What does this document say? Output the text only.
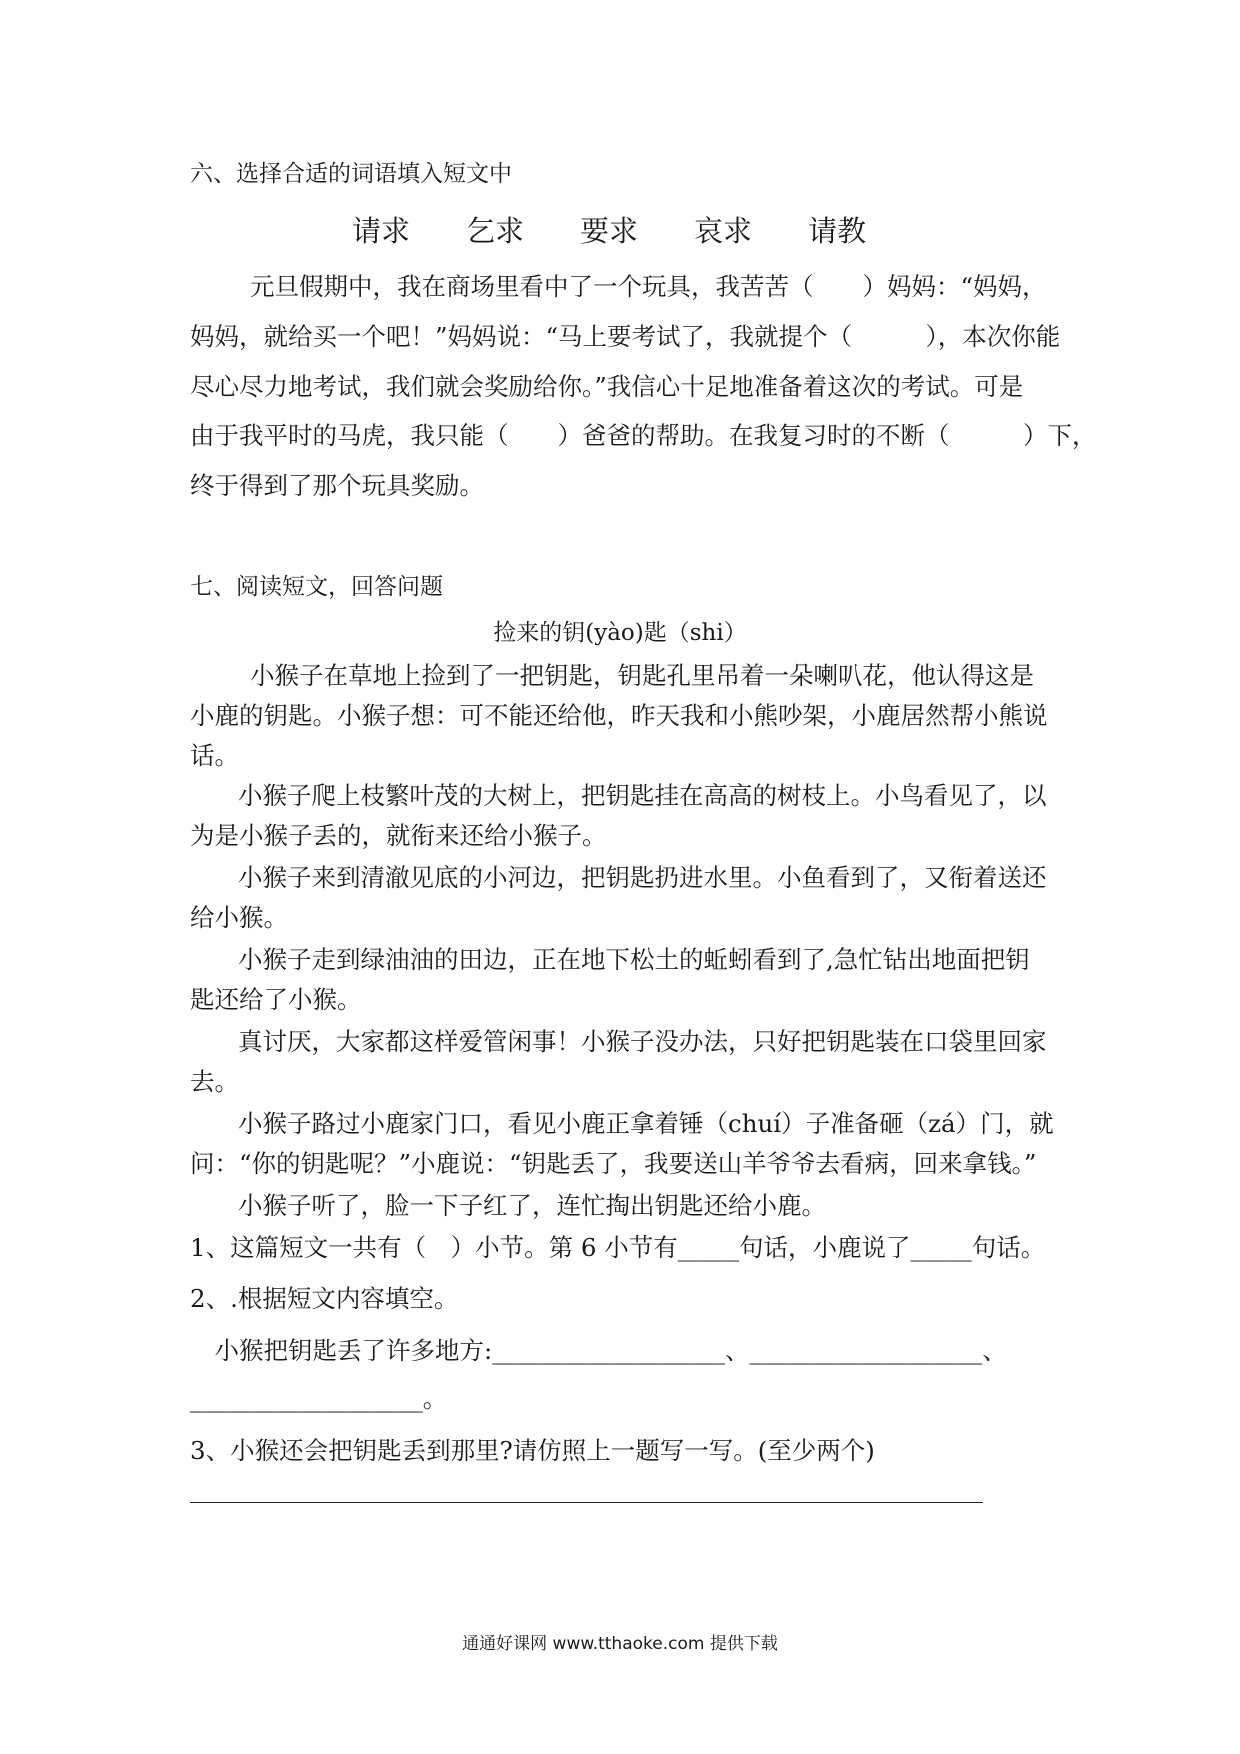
六、选择合适的词语填入短文中
请求 乞求 要求 哀求 请教

元旦假期中，我在商场里看中了一个玩具，我苦苦（　　）妈妈：“妈妈，

妈妈，就给买一个吧！”妈妈说：“马上要考试了，我就提个（　　　），本次你能

尽心尽力地考试，我们就会奖励给你。”我信心十足地准备着这次的考试。可是

由于我平时的马虎，我只能（　　）爸爸的帮助。在我复习时的不断（　　　）下，

终于得到了那个玩具奖励。

七、阅读短文，回答问题
捡来的钥(yào)匙（shi）

小猴子在草地上捡到了一把钥匙，钥匙孔里吊着一朵喇叭花，他认得这是

小鹿的钥匙。小猴子想：可不能还给他，昨天我和小熊吵架，小鹿居然帮小熊说

话。

小猴子爬上枝繁叶茂的大树上，把钥匙挂在高高的树枝上。小鸟看见了，以

为是小猴子丢的，就衔来还给小猴子。

小猴子来到清澈见底的小河边，把钥匙扔进水里。小鱼看到了，又衔着送还

给小猴。

小猴子走到绿油油的田边，正在地下松土的蚯蚓看到了,急忙钻出地面把钥

匙还给了小猴。

真讨厌，大家都这样爱管闲事！小猴子没办法，只好把钥匙装在口袋里回家

去。

小猴子路过小鹿家门口，看见小鹿正拿着锤（chuí）子准备砸（zá）门，就

问：“你的钥匙呢？”小鹿说：“钥匙丢了，我要送山羊爷爷去看病，回来拿钱。”

小猴子听了，脸一下子红了，连忙掏出钥匙还给小鹿。

1、这篇短文一共有（　）小节。第 6 小节有_____句话，小鹿说了_____句话。

2、.根据短文内容填空。

　小猴把钥匙丢了许多地方:___________________、___________________、

___________________。

3、小猴还会把钥匙丢到那里?请仿照上一题写一写。(至少两个)

通通好课网 www.tthaoke.com 提供下载
